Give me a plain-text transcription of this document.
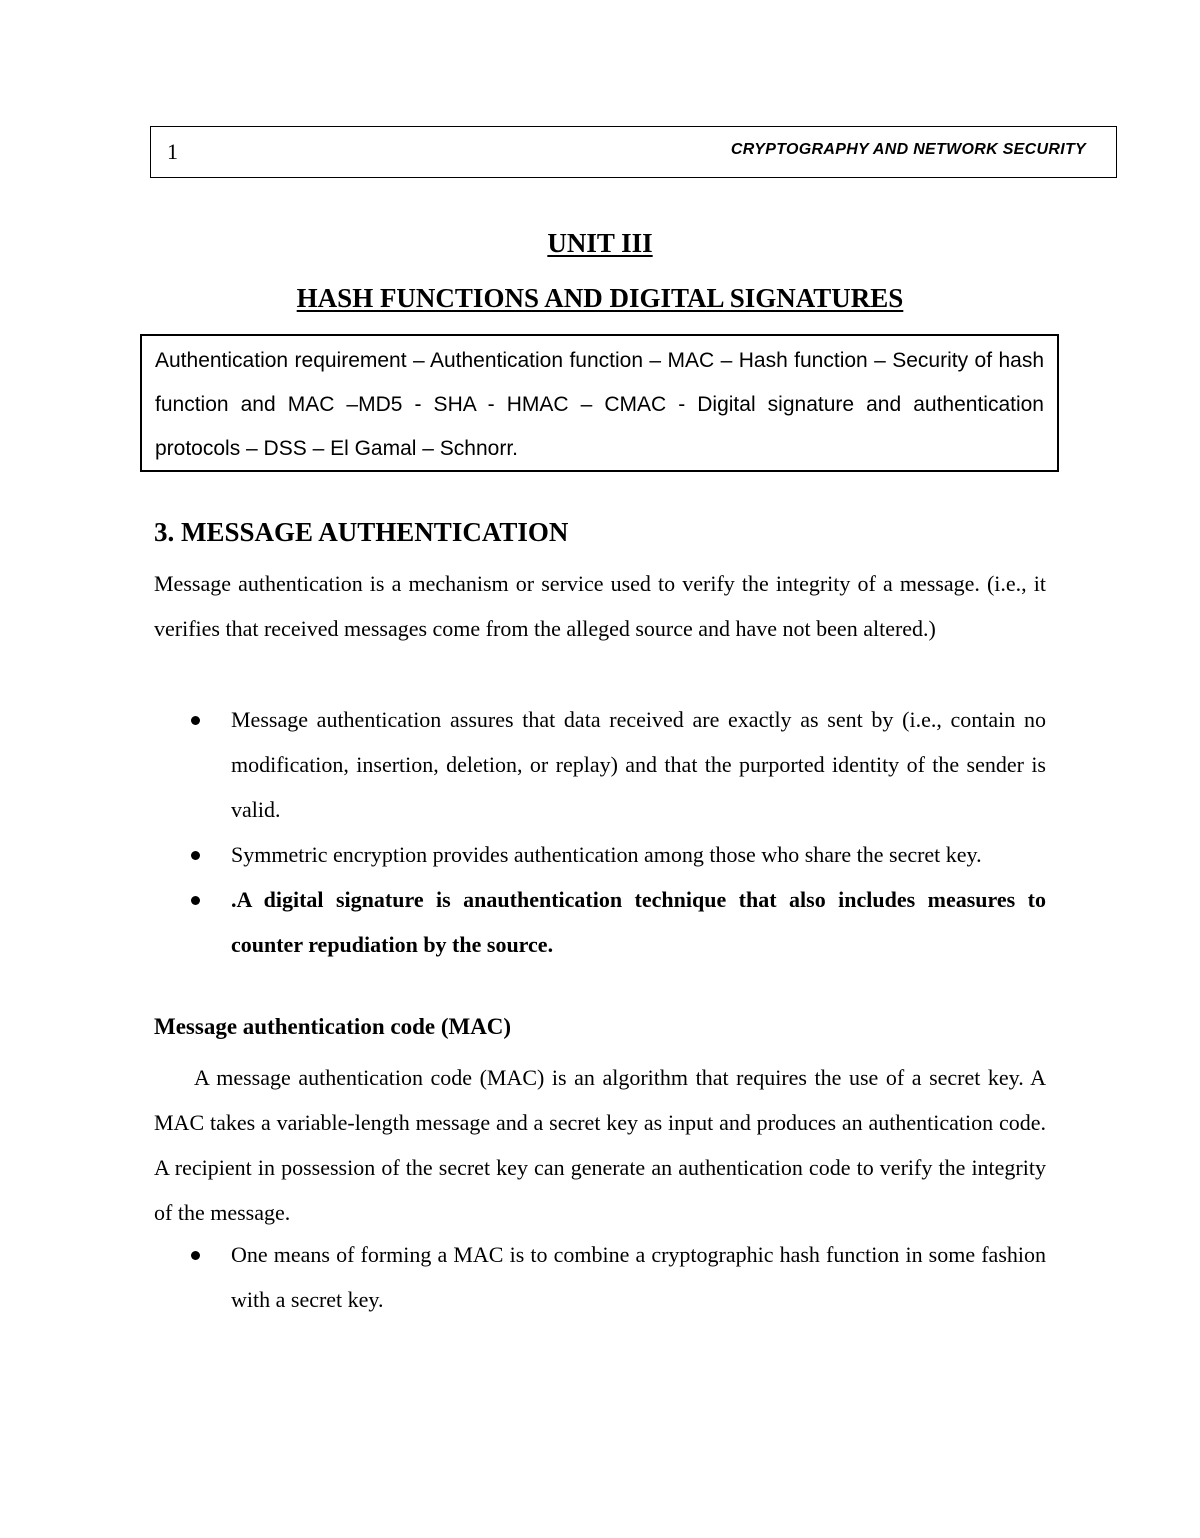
1	CRYPTOGRAPHY AND NETWORK SECURITY
UNIT III
HASH FUNCTIONS AND DIGITAL SIGNATURES
Authentication requirement – Authentication function – MAC – Hash function – Security of hash function and MAC –MD5 - SHA - HMAC – CMAC - Digital signature and authentication protocols – DSS – El Gamal – Schnorr.
3. MESSAGE AUTHENTICATION
Message authentication is a mechanism or service used to verify the integrity of a message. (i.e., it verifies that received messages come from the alleged source and have not been altered.)
Message authentication assures that data received are exactly as sent by (i.e., contain no modification, insertion, deletion, or replay) and that the purported identity of the sender is valid.
Symmetric encryption provides authentication among those who share the secret key.
.A digital signature is anauthentication technique that also includes measures to counter repudiation by the source.
Message authentication code (MAC)
A message authentication code (MAC) is an algorithm that requires the use of a secret key. A MAC takes a variable-length message and a secret key as input and produces an authentication code. A recipient in possession of the secret key can generate an authentication code to verify the integrity of the message.
One means of forming a MAC is to combine a cryptographic hash function in some fashion with a secret key.
